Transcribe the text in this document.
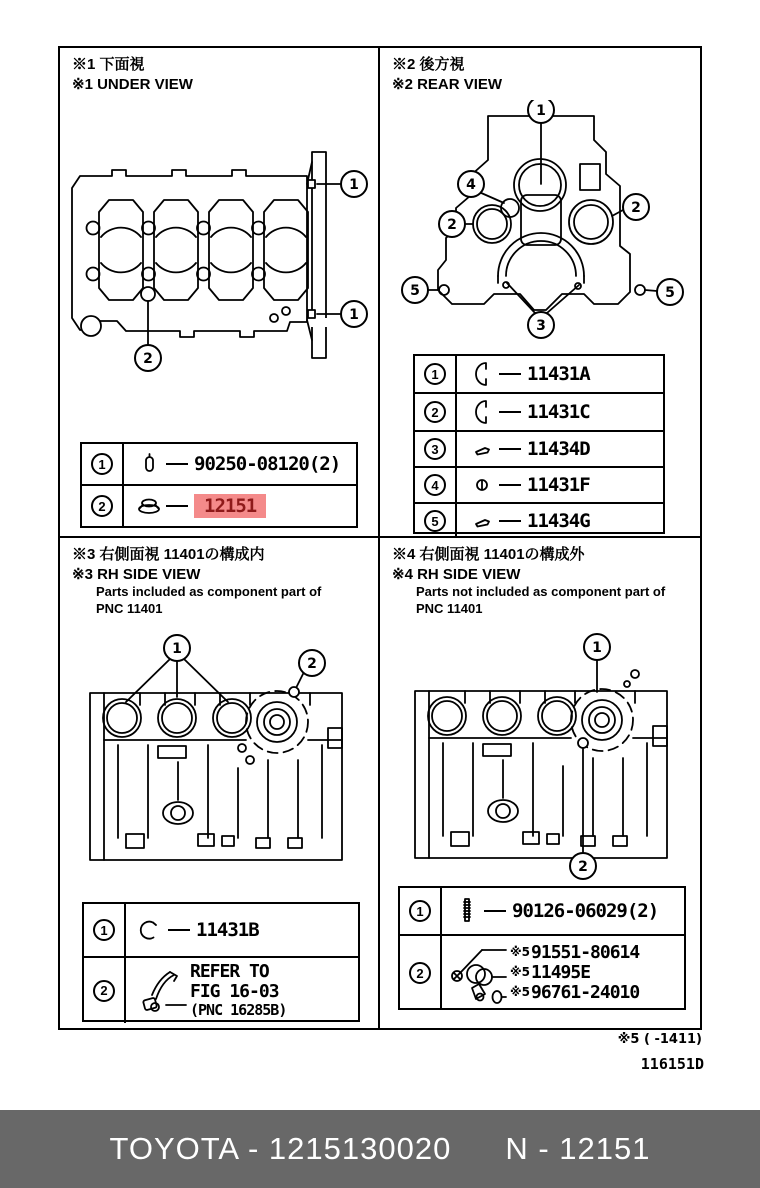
※1 下面視
※1 UNDER VIEW
1
1
2
1	90250-08120(2)
2	12151
※2 後方視
※2 REAR VIEW
1
4
2
2
5	5
3
1	11431A
2	11431C
3	11434D
4	11431F
5	11434G
※3 右側面視 11401の構成内
※3 RH SIDE VIEW
Parts included as component part of
PNC 11401
1
2
1	11431B
2
REFER TO
FIG 16-03
(PNC 16285B)
※4 右側面視 11401の構成外
※4 RH SIDE VIEW
Parts not included as component part of
PNC 11401
1
2
1	90126-06029(2)
2
※5 91551-80614
※5 11495E
※5 96761-24010
※5 ( -1411)
116151D
TOYOTA - 1215130020 N - 12151
